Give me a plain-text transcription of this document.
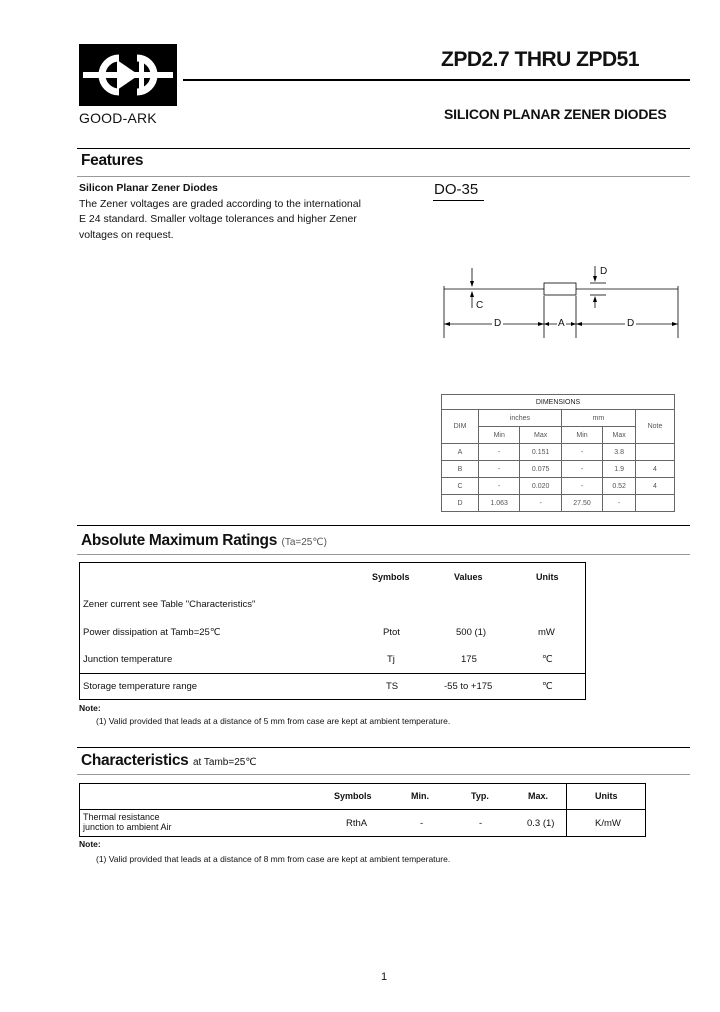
GOOD-ARK
ZPD2.7 THRU ZPD51
SILICON PLANAR ZENER DIODES
Features
Silicon Planar Zener Diodes
The Zener voltages are graded according to the international
E 24 standard. Smaller voltage tolerances and higher Zener
voltages on request.
DO-35
D
C
D	A	D
DIMENSIONS					
DIM	inches		mm		Note
	Min	Max	Min	Max	
A	-	0.151	-	3.8	
B	-	0.075	-	1.9	4
C	-	0.020	-	0.52	4
D	1.063	-	27.50	-	
Absolute Maximum Ratings (Ta=25℃)
Symbols	Values	Units
Zener current see Table "Characteristics"
Power dissipation at Tamb=25℃	Ptot	500 (1)	mW
Junction temperature	Tj	175	℃
Storage temperature range	TS	-55 to +175	℃
Note:
(1) Valid provided that leads at a distance of 5 mm from case are kept at ambient temperature.
Characteristics at Tamb=25℃
Symbols	Min.	Typ.	Max.	Units
Thermal resistance
junction to ambient Air	RthA	-	-	0.3 (1)	K/mW
Note:
(1) Valid provided that leads at a distance of 8 mm from case are kept at ambient temperature.
1
